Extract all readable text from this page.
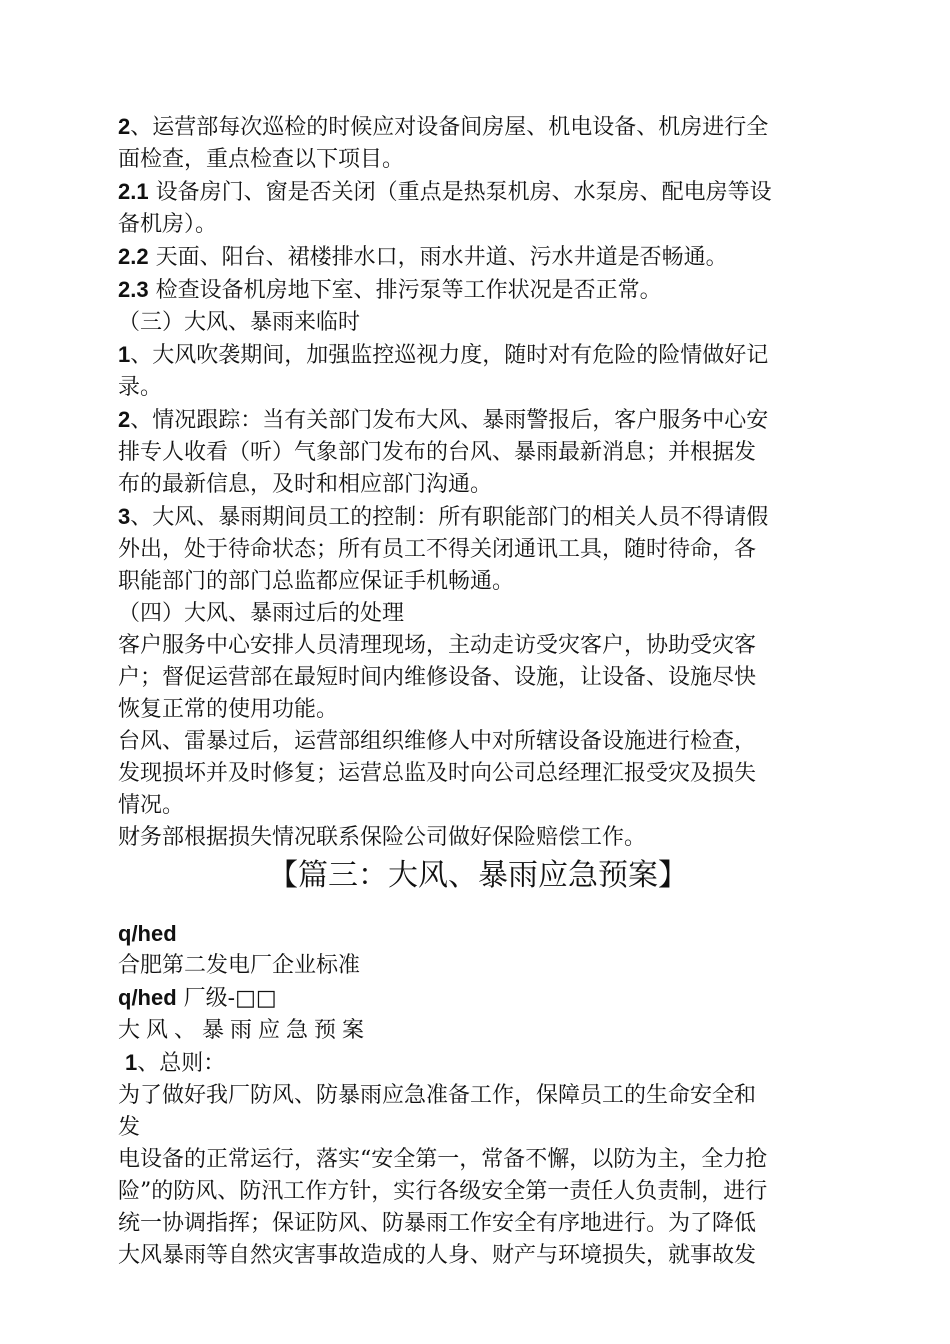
2、运营部每次巡检的时候应对设备间房屋、机电设备、机房进行全
面检查，重点检查以下项目。
2.1 设备房门、窗是否关闭（重点是热泵机房、水泵房、配电房等设
备机房）。
2.2 天面、阳台、裙楼排水口，雨水井道、污水井道是否畅通。
2.3 检查设备机房地下室、排污泵等工作状况是否正常。
（三）大风、暴雨来临时
1、大风吹袭期间，加强监控巡视力度，随时对有危险的险情做好记
录。
2、情况跟踪：当有关部门发布大风、暴雨警报后，客户服务中心安
排专人收看（听）气象部门发布的台风、暴雨最新消息；并根据发
布的最新信息，及时和相应部门沟通。
3、大风、暴雨期间员工的控制：所有职能部门的相关人员不得请假
外出，处于待命状态；所有员工不得关闭通讯工具，随时待命，各
职能部门的部门总监都应保证手机畅通。
（四）大风、暴雨过后的处理
客户服务中心安排人员清理现场，主动走访受灾客户，协助受灾客
户；督促运营部在最短时间内维修设备、设施，让设备、设施尽快
恢复正常的使用功能。
台风、雷暴过后，运营部组织维修人中对所辖设备设施进行检查，
发现损坏并及时修复；运营总监及时向公司总经理汇报受灾及损失
情况。
财务部根据损失情况联系保险公司做好保险赔偿工作。
【篇三：大风、暴雨应急预案】
q/hed
合肥第二发电厂企业标准
q/hed 厂级-□□
大风、暴雨应急预案
1、总则：
为了做好我厂防风、防暴雨应急准备工作，保障员工的生命安全和
发
电设备的正常运行，落实“安全第一，常备不懈，以防为主，全力抢
险”的防风、防汛工作方针，实行各级安全第一责任人负责制，进行
统一协调指挥；保证防风、防暴雨工作安全有序地进行。为了降低
大风暴雨等自然灾害事故造成的人身、财产与环境损失，就事故发
